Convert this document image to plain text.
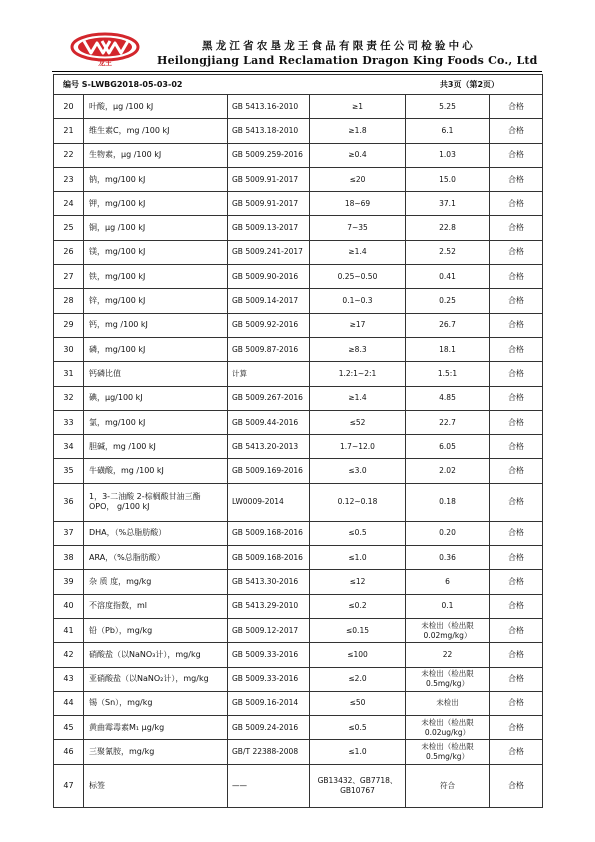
龙王
黑龙江省农垦龙王食品有限责任公司检验中心
Heilongjiang Land Reclamation Dragon King Foods Co., Ltd
编号 S-LWBG2018-05-03-02 共3页（第2页）					

20	叶酸，μg /100 kJ	GB 5413.16-2010	≥1	5.25	合格
21	维生素C，mg /100 kJ	GB 5413.18-2010	≥1.8	6.1	合格
22	生物素，μg /100 kJ	GB 5009.259-2016	≥0.4	1.03	合格
23	钠，mg/100 kJ	GB 5009.91-2017	≤20	15.0	合格
24	钾，mg/100 kJ	GB 5009.91-2017	18~69	37.1	合格
25	铜，μg /100 kJ	GB 5009.13-2017	7~35	22.8	合格
26	镁，mg/100 kJ	GB 5009.241-2017	≥1.4	2.52	合格
27	铁，mg/100 kJ	GB 5009.90-2016	0.25~0.50	0.41	合格
28	锌，mg/100 kJ	GB 5009.14-2017	0.1~0.3	0.25	合格
29	钙，mg /100 kJ	GB 5009.92-2016	≥17	26.7	合格
30	磷，mg/100 kJ	GB 5009.87-2016	≥8.3	18.1	合格
31	钙磷比值	计算	1.2:1~2:1	1.5:1	合格
32	碘，μg/100 kJ	GB 5009.267-2016	≥1.4	4.85	合格
33	氯，mg/100 kJ	GB 5009.44-2016	≤52	22.7	合格
34	胆碱，mg /100 kJ	GB 5413.20-2013	1.7~12.0	6.05	合格
35	牛磺酸，mg /100 kJ	GB 5009.169-2016	≤3.0	2.02	合格
36	1，3-二油酸 2-棕榈酸甘油三酯
OPO， g/100 kJ	LW0009-2014	0.12~0.18	0.18	合格
37	DHA，（%总脂肪酸）	GB 5009.168-2016	≤0.5	0.20	合格
38	ARA，（%总脂肪酸）	GB 5009.168-2016	≤1.0	0.36	合格
39	杂 质 度，mg/kg	GB 5413.30-2016	≤12	6	合格
40	不溶度指数，ml	GB 5413.29-2010	≤0.2	0.1	合格
41	铅（Pb），mg/kg	GB 5009.12-2017	≤0.15	未检出（检出限
0.02mg/kg）	合格
42	硝酸盐（以NaNO₃计），mg/kg	GB 5009.33-2016	≤100	22	合格
43	亚硝酸盐（以NaNO₂计），mg/kg	GB 5009.33-2016	≤2.0	未检出（检出限
0.5mg/kg）	合格
44	锡（Sn），mg/kg	GB 5009.16-2014	≤50	未检出	合格
45	黄曲霉毒素M₁ μg/kg	GB 5009.24-2016	≤0.5	未检出（检出限
0.02ug/kg）	合格
46	三聚氰胺，mg/kg	GB/T 22388-2008	≤1.0	未检出（检出限
0.5mg/kg）	合格
47	标签	——	GB13432、GB7718、
GB10767	符合	合格
